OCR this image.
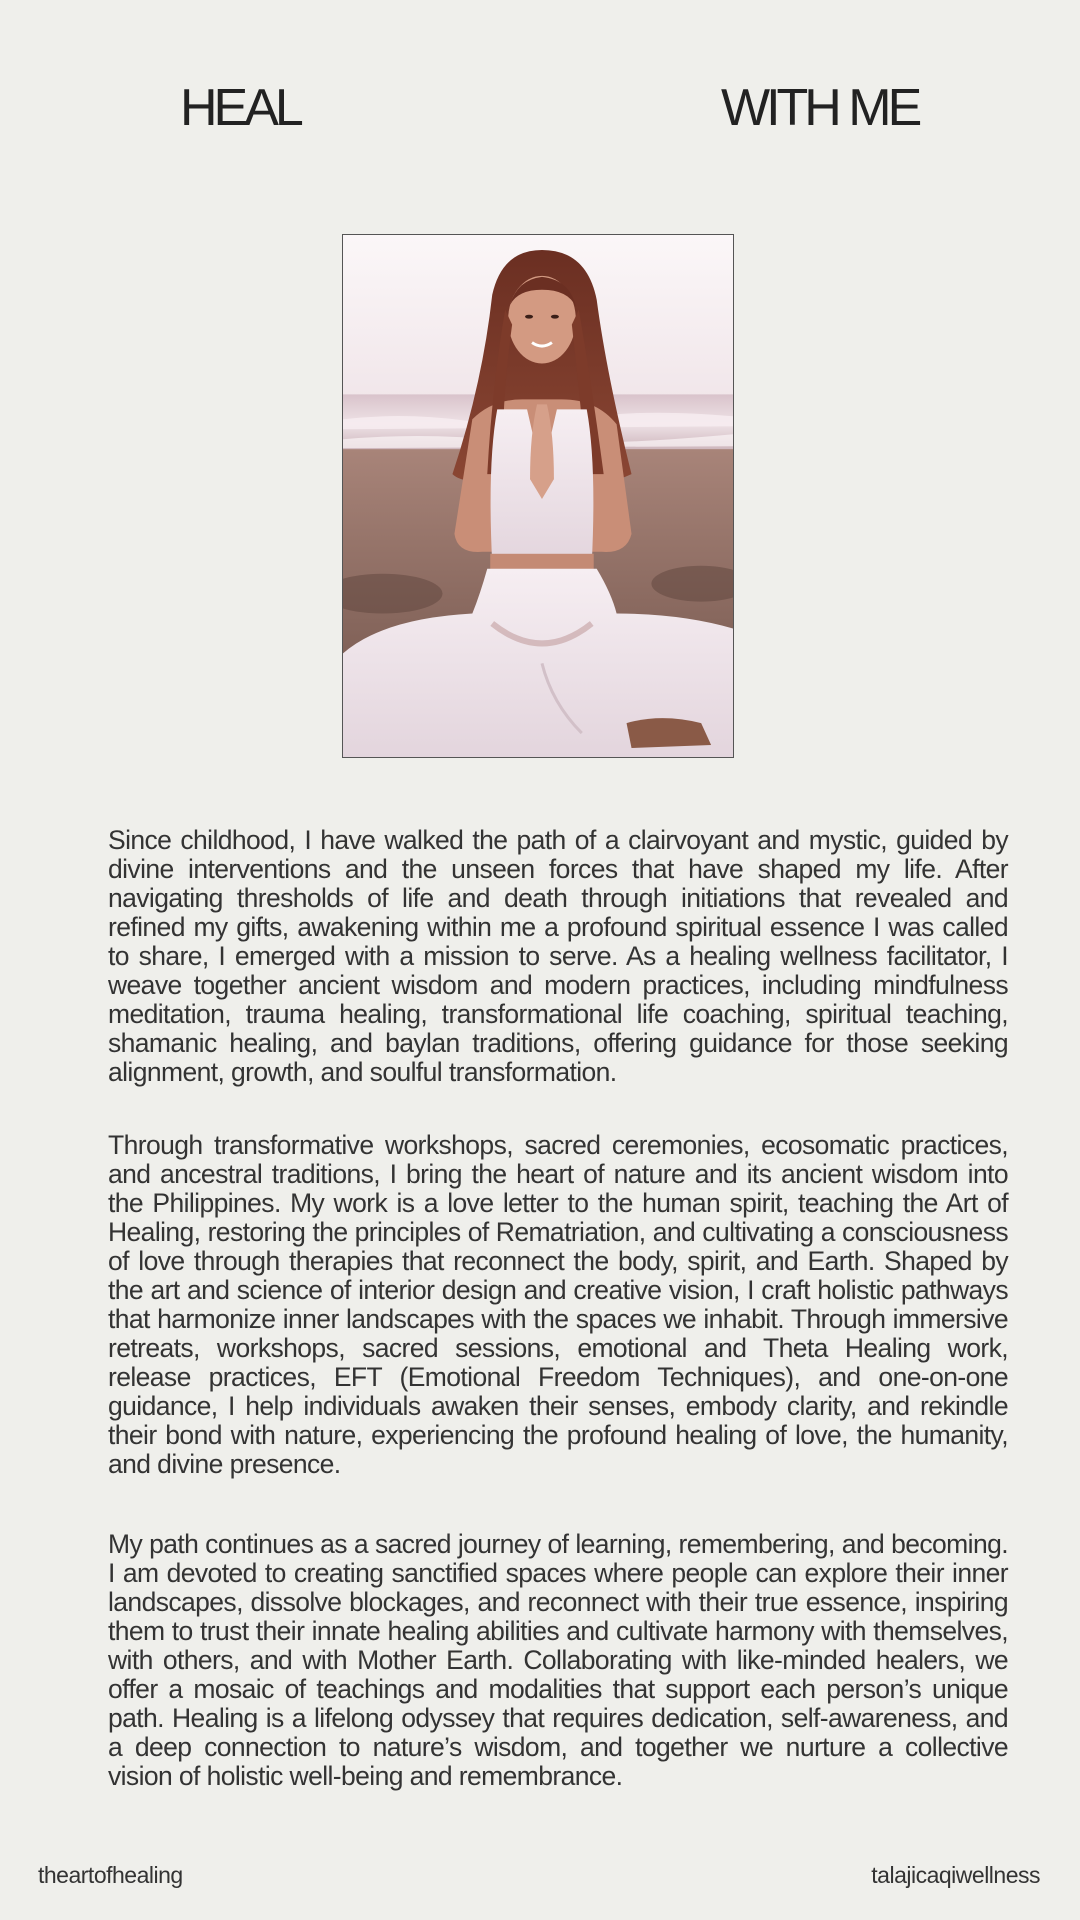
HEAL	WITH ME

Since childhood, I have walked the path of a clairvoyant and mystic, guided by divine interventions and the unseen forces that have shaped my life. After navigating thresholds of life and death through initiations that revealed and refined my gifts, awakening within me a profound spiritual essence I was called to share, I emerged with a mission to serve. As a healing wellness facilitator, I weave together ancient wisdom and modern practices, including mindfulness meditation, trauma healing, transformational life coaching, spiritual teaching, shamanic healing, and baylan traditions, offering guidance for those seeking alignment, growth, and soulful transformation.

Through transformative workshops, sacred ceremonies, ecosomatic practices, and ancestral traditions, I bring the heart of nature and its ancient wisdom into the Philippines. My work is a love letter to the human spirit, teaching the Art of Healing, restoring the principles of Rematriation, and cultivating a consciousness of love through therapies that reconnect the body, spirit, and Earth. Shaped by the art and science of interior design and creative vision, I craft holistic pathways that harmonize inner landscapes with the spaces we inhabit. Through immersive retreats, workshops, sacred sessions, emotional and Theta Healing work, release practices, EFT (Emotional Freedom Techniques), and one-on-one guidance, I help individuals awaken their senses, embody clarity, and rekindle their bond with nature, experiencing the profound healing of love, the humanity, and divine presence.

My path continues as a sacred journey of learning, remembering, and becoming. I am devoted to creating sanctified spaces where people can explore their inner landscapes, dissolve blockages, and reconnect with their true essence, inspiring them to trust their innate healing abilities and cultivate harmony with themselves, with others, and with Mother Earth. Collaborating with like-minded healers, we offer a mosaic of teachings and modalities that support each person’s unique path. Healing is a lifelong odyssey that requires dedication, self-awareness, and a deep connection to nature’s wisdom, and together we nurture a collective vision of holistic well-being and remembrance.

theartofhealing	talajicaqiwellness
